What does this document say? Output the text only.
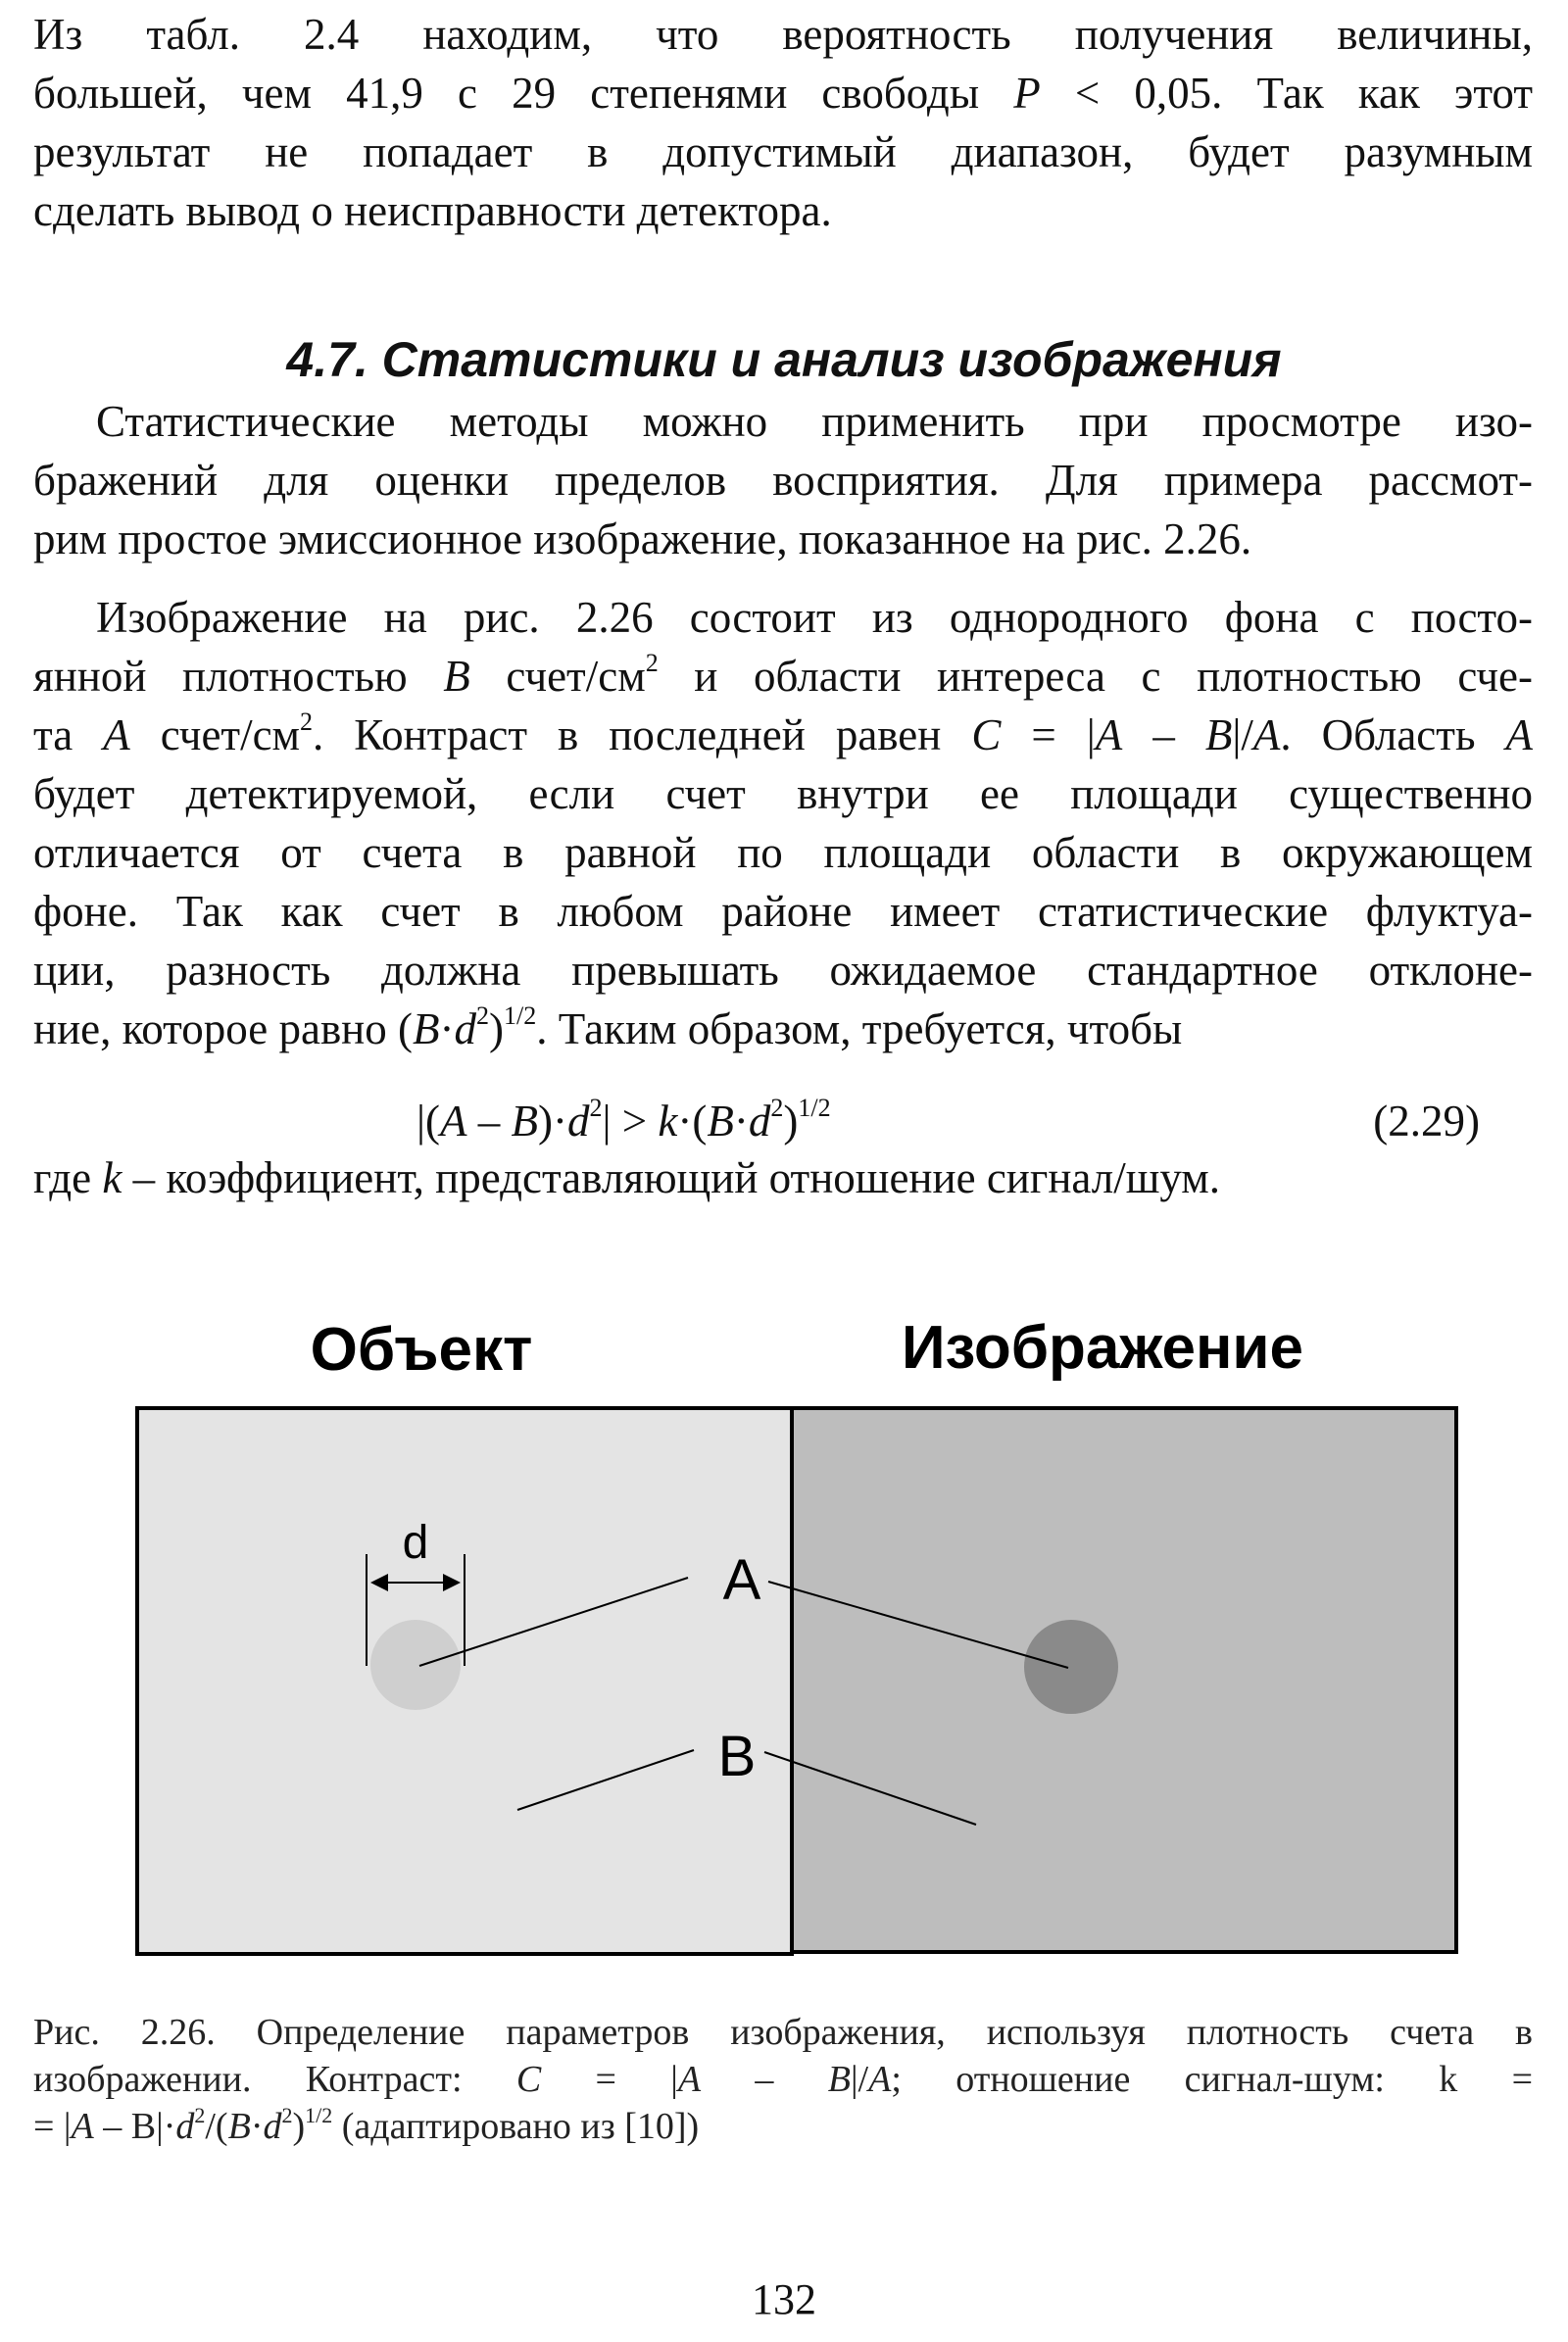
Из табл. 2.4 находим, что вероятность получения величины,
большей, чем 41,9 с 29 степенями свободы P < 0,05. Так как этот
результат не попадает в допустимый диапазон, будет разумным
сделать вывод о неисправности детектора.
4.7. Статистики и анализ изображения
Статистические методы можно применить при просмотре изо-
бражений для оценки пределов восприятия. Для примера рассмот-
рим простое эмиссионное изображение, показанное на рис. 2.26.
Изображение на рис. 2.26 состоит из однородного фона с посто-
янной плотностью B счет/$см^2$ и области интереса с плотностью сче-
та A счет/$см^2$. Контраст в последней равен C = |A – B|/A. Область A
будет детектируемой, если счет внутри ее площади существенно
отличается от счета в равной по площади области в окружающем
фоне. Так как счет в любом районе имеет статистические флуктуа-
ции, разность должна превышать ожидаемое стандартное отклоне-
ние, которое равно $(B\cdot d^2)^{1/2}$. Таким образом, требуется, чтобы
$|(A - B)\cdot d^2| > k\cdot(B\cdot d^2)^{1/2}$	(2.29)
где k – коэффициент, представляющий отношение сигнал/шум.
Объект	Изображение
d
A
B
Рис. 2.26. Определение параметров изображения, используя плотность счета в
изображении. Контраст: C = |A – B|/A; отношение сигнал-шум: k =
= $|A - B|\cdot d^2/(B\cdot d^2)^{1/2}$ (адаптировано из [10])
132
